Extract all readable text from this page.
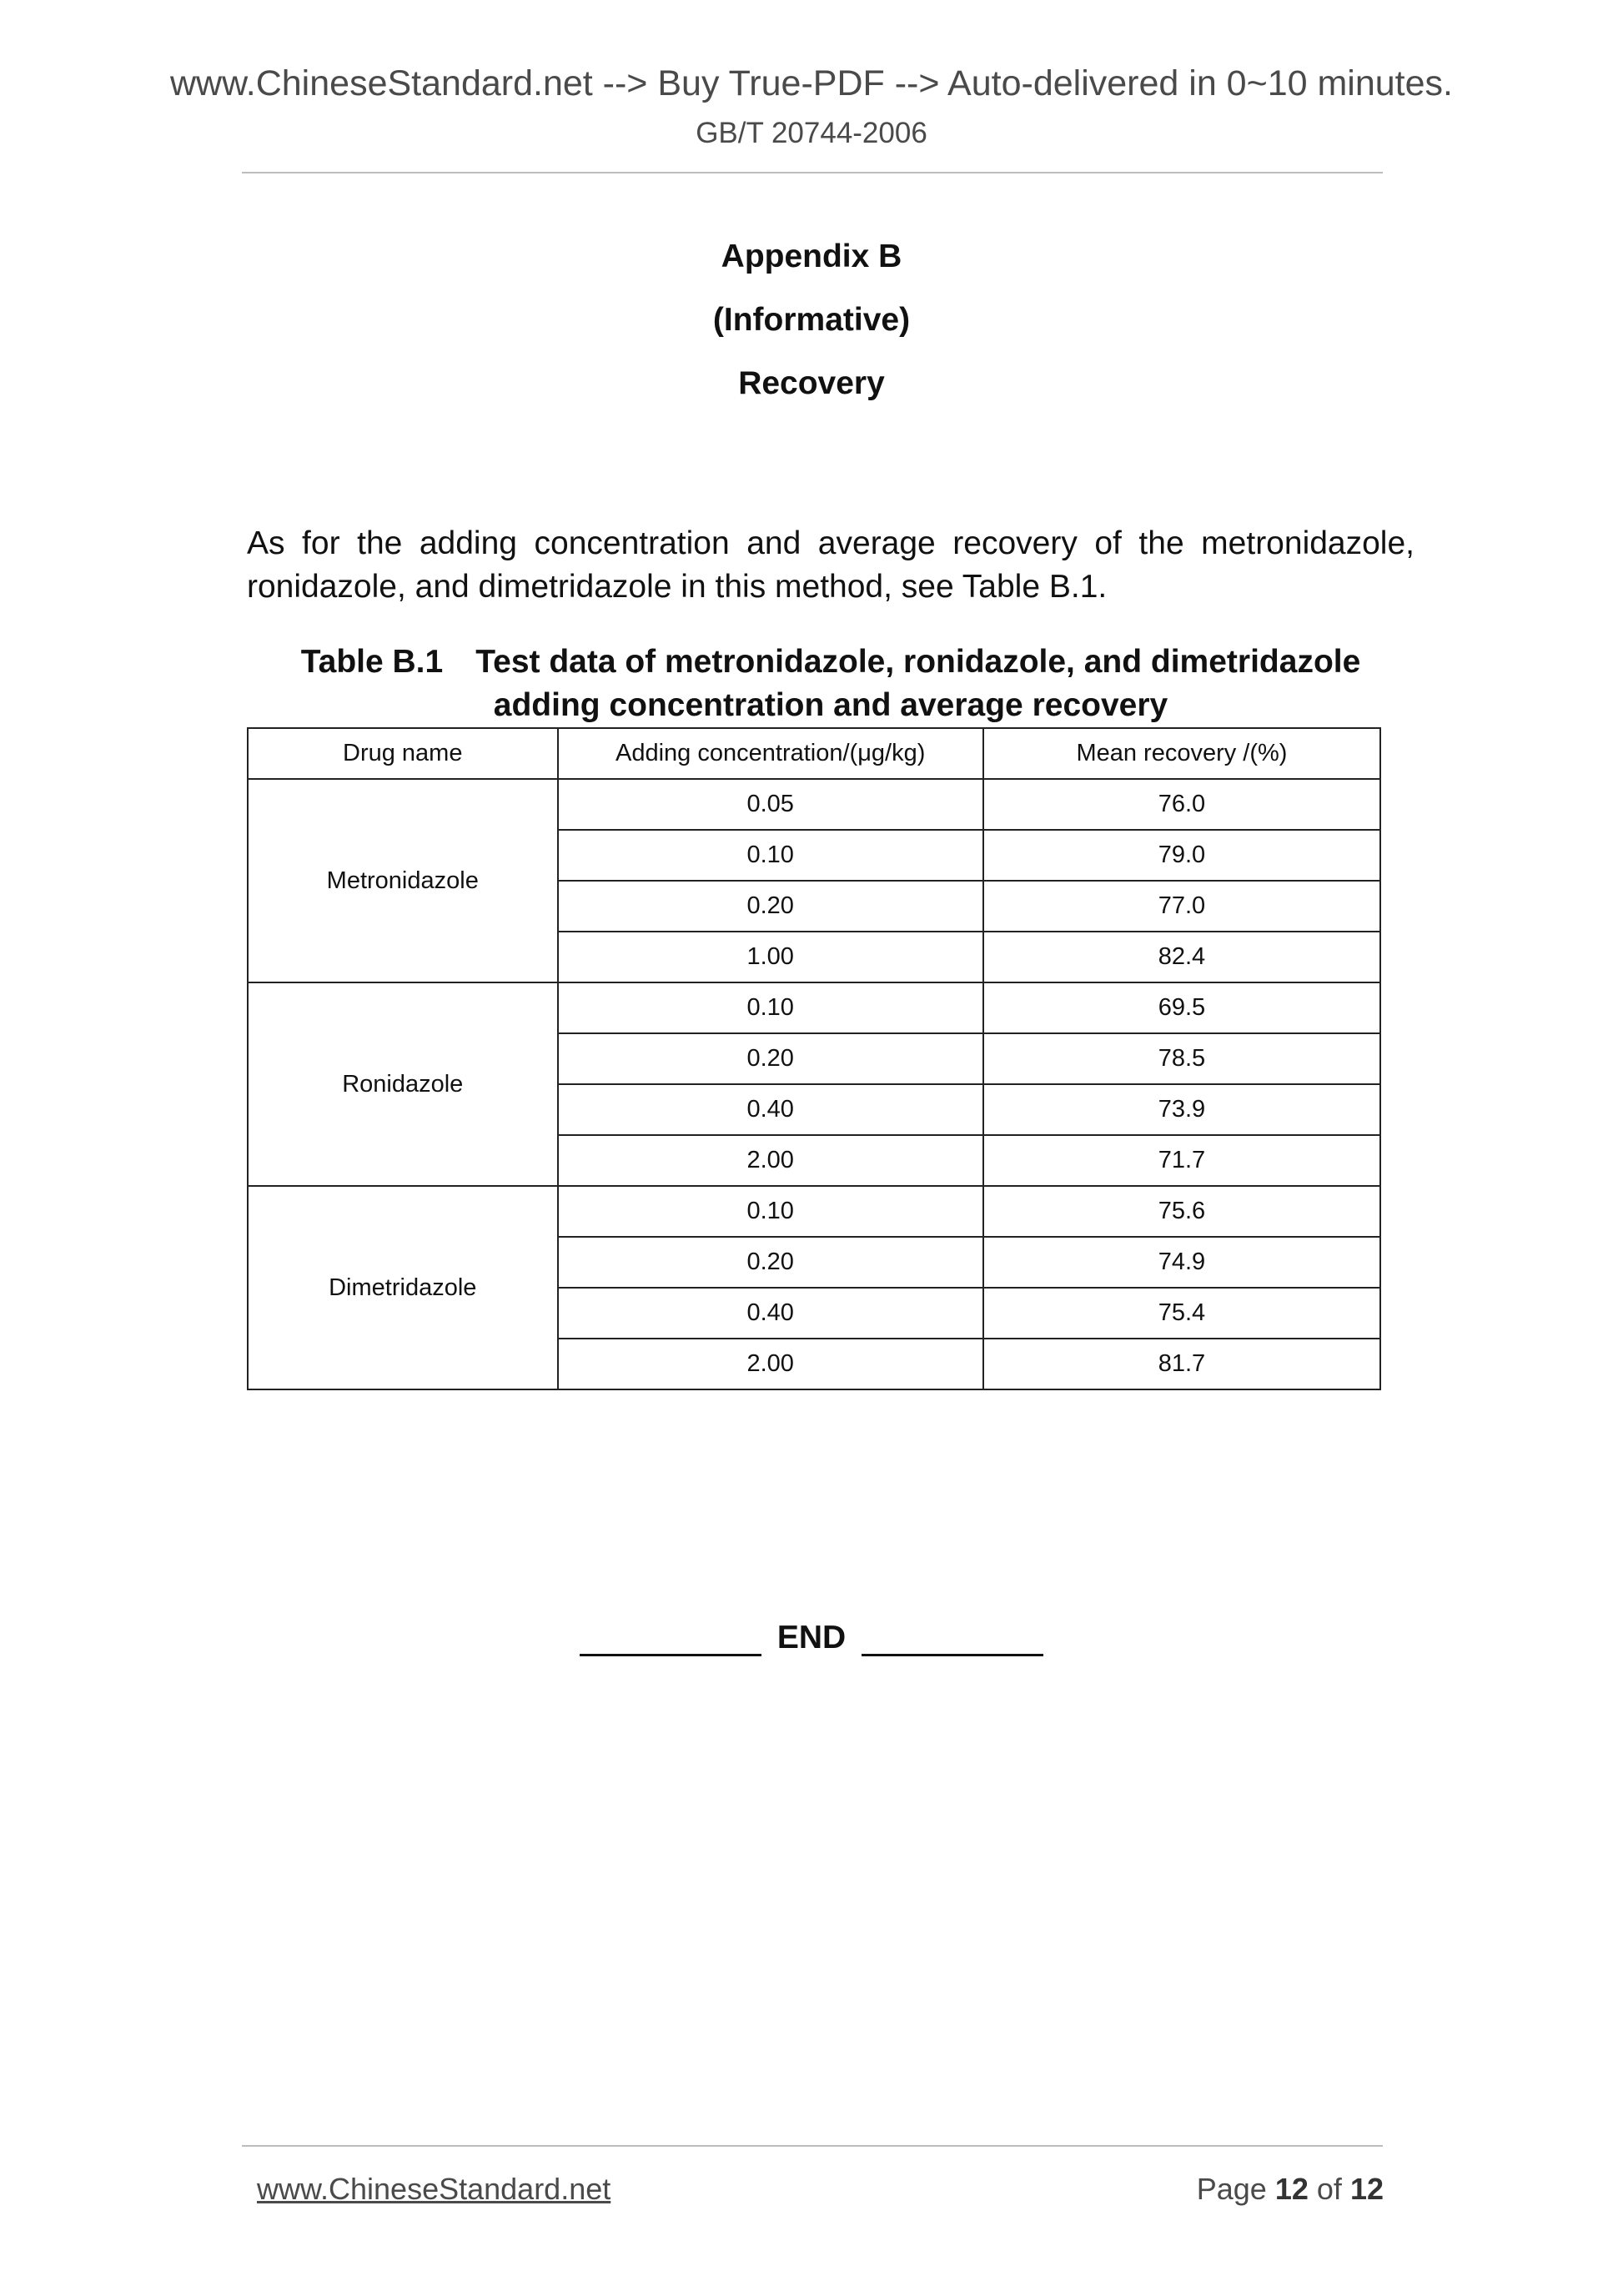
www.ChineseStandard.net --> Buy True-PDF --> Auto-delivered in 0~10 minutes.
GB/T 20744-2006
Appendix B
(Informative)
Recovery
As for the adding concentration and average recovery of the metronidazole, ronidazole, and dimetridazole in this method, see Table B.1.
Table B.1 Test data of metronidazole, ronidazole, and dimetridazole
adding concentration and average recovery
Drug name	Adding concentration/(μg/kg)	Mean recovery /(%)
Metronidazole	0.05	76.0
	0.10	79.0
	0.20	77.0
	1.00	82.4
Ronidazole	0.10	69.5
	0.20	78.5
	0.40	73.9
	2.00	71.7
Dimetridazole	0.10	75.6
	0.20	74.9
	0.40	75.4
	2.00	81.7
END
www.ChineseStandard.net	Page 12 of 12
